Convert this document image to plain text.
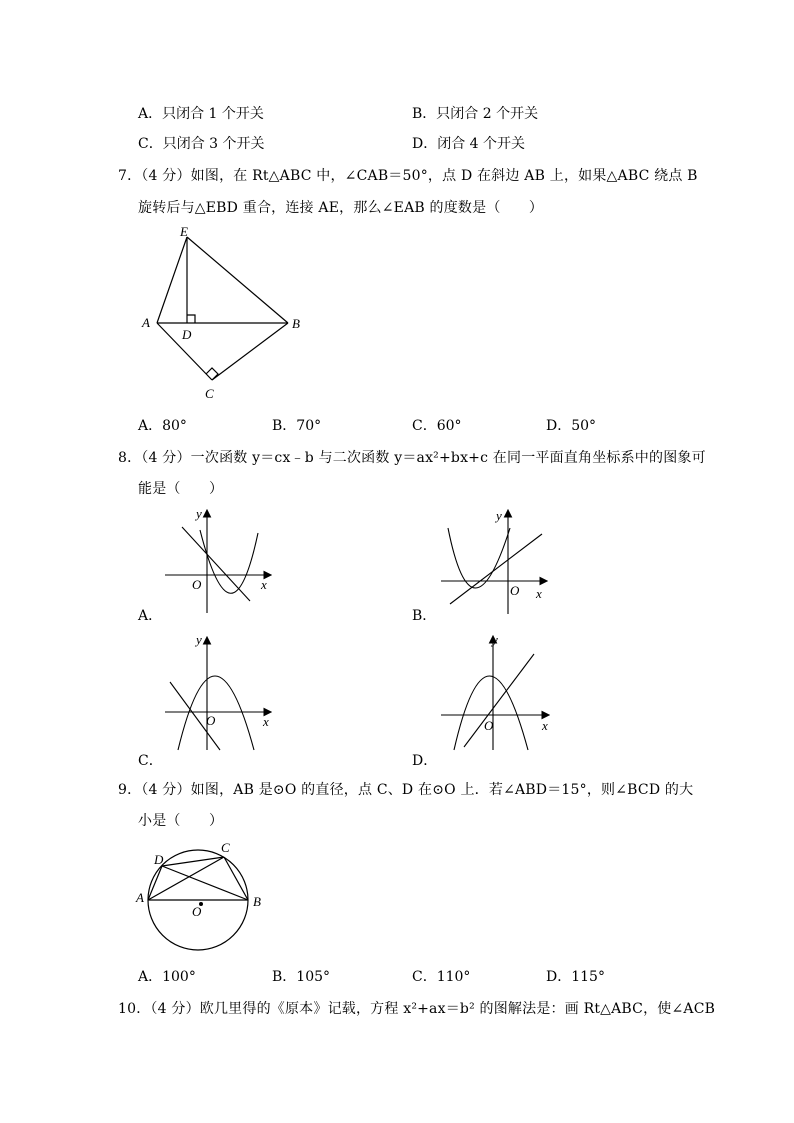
A．只闭合 1 个开关	B．只闭合 2 个开关
C．只闭合 3 个开关	D．闭合 4 个开关
7．（4 分）如图，在 Rt△ABC 中，∠CAB＝50°，点 D 在斜边 AB 上，如果△ABC 绕点 B
旋转后与△EBD 重合，连接 AE，那么∠EAB 的度数是（　　）
E
A
D
B
C
A．80°	B．70°	C．60°	D．50°
8．（4 分）一次函数 y＝cx﹣b 与二次函数 y＝ax²+bx+c 在同一平面直角坐标系中的图象可
能是（　　）
y
x
O
A．
y
x
O
B．
y
x
O
C．
y
x
O
D．
9．（4 分）如图，AB 是⊙O 的直径，点 C、D 在⊙O 上．若∠ABD＝15°，则∠BCD 的大
小是（　　）
D
C
A	B
O
A．100°	B．105°	C．110°	D．115°
10．（4 分）欧几里得的《原本》记载，方程 x²+ax＝b² 的图解法是：画 Rt△ABC，使∠ACB
